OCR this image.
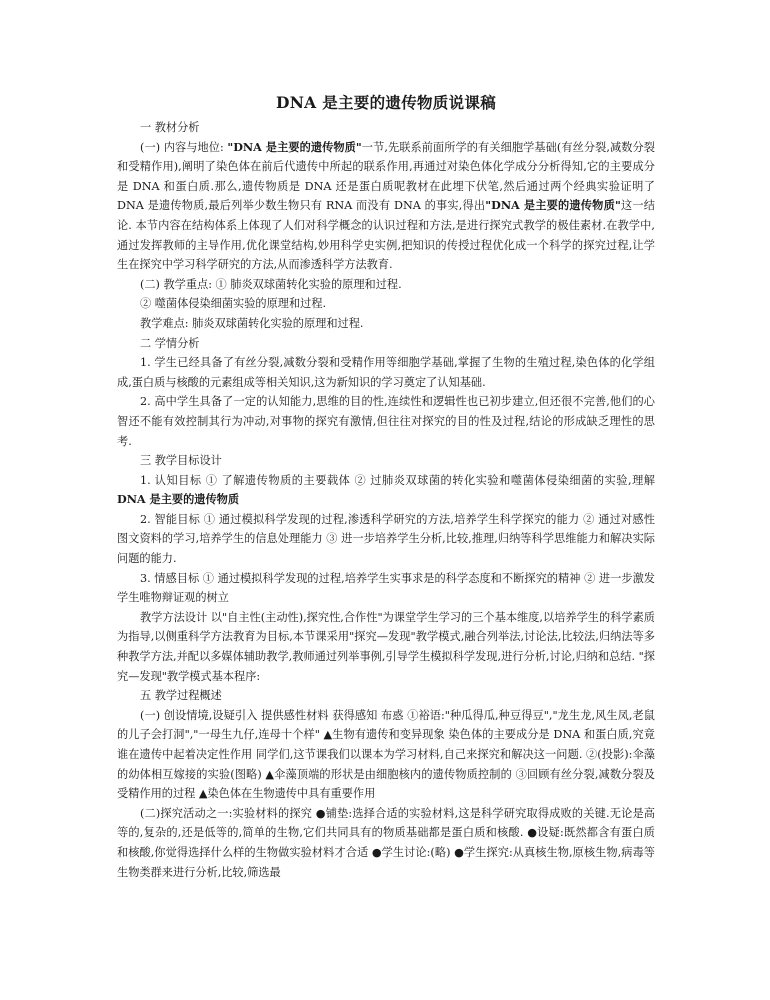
DNA 是主要的遗传物质说课稿

一 教材分析

(一) 内容与地位: "DNA 是主要的遗传物质"一节,先联系前面所学的有关细胞学基础(有丝分裂,减数分裂和受精作用),阐明了染色体在前后代遗传中所起的联系作用,再通过对染色体化学成分分析得知,它的主要成分是 DNA 和蛋白质.那么,遗传物质是 DNA 还是蛋白质呢教材在此埋下伏笔,然后通过两个经典实验证明了 DNA 是遗传物质,最后列举少数生物只有 RNA 而没有 DNA 的事实,得出"DNA 是主要的遗传物质"这一结论. 本节内容在结构体系上体现了人们对科学概念的认识过程和方法,是进行探究式教学的极佳素材.在教学中,通过发挥教师的主导作用,优化课堂结构,妙用科学史实例,把知识的传授过程优化成一个科学的探究过程,让学生在探究中学习科学研究的方法,从而渗透科学方法教育.

(二) 教学重点: ① 肺炎双球菌转化实验的原理和过程.

② 噬菌体侵染细菌实验的原理和过程.

教学难点: 肺炎双球菌转化实验的原理和过程.

二 学情分析

1. 学生已经具备了有丝分裂,减数分裂和受精作用等细胞学基础,掌握了生物的生殖过程,染色体的化学组成,蛋白质与核酸的元素组成等相关知识,这为新知识的学习奠定了认知基础.

2. 高中学生具备了一定的认知能力,思维的目的性,连续性和逻辑性也已初步建立,但还很不完善,他们的心智还不能有效控制其行为冲动,对事物的探究有激情,但往往对探究的目的性及过程,结论的形成缺乏理性的思考.

三 教学目标设计

1. 认知目标 ① 了解遗传物质的主要载体 ② 过肺炎双球菌的转化实验和噬菌体侵染细菌的实验,理解 DNA 是主要的遗传物质

2. 智能目标 ① 通过模拟科学发现的过程,渗透科学研究的方法,培养学生科学探究的能力 ② 通过对感性图文资料的学习,培养学生的信息处理能力 ③ 进一步培养学生分析,比较,推理,归纳等科学思维能力和解决实际问题的能力.

3. 情感目标 ① 通过模拟科学发现的过程,培养学生实事求是的科学态度和不断探究的精神 ② 进一步激发学生唯物辩证观的树立

教学方法设计 以"自主性(主动性),探究性,合作性"为课堂学生学习的三个基本维度,以培养学生的科学素质为指导,以侧重科学方法教育为目标,本节课采用"探究—发现"教学模式,融合列举法,讨论法,比较法,归纳法等多种教学方法,并配以多媒体辅助教学,教师通过列举事例,引导学生模拟科学发现,进行分析,讨论,归纳和总结. "探究—发现"教学模式基本程序:

五 教学过程概述

(一) 创设情境,设疑引入 提供感性材料 获得感知 布惑 ①裕语:"种瓜得瓜,种豆得豆","龙生龙,风生凤,老鼠的儿子会打洞","一母生九仔,连母十个样" ▲生物有遗传和变异现象 染色体的主要成分是 DNA 和蛋白质,究竟谁在遗传中起着决定性作用 同学们,这节课我们以课本为学习材料,自己来探究和解决这一问题. ②(投影):伞藻的幼体相互嫁接的实验(图略) ▲伞藻顶端的形状是由细胞核内的遗传物质控制的 ③回顾有丝分裂,减数分裂及受精作用的过程 ▲染色体在生物遗传中具有重要作用

(二)探究活动之一:实验材料的探究 ●铺垫:选择合适的实验材料,这是科学研究取得成败的关键.无论是高等的,复杂的,还是低等的,简单的生物,它们共同具有的物质基础都是蛋白质和核酸. ●设疑:既然都含有蛋白质和核酸,你觉得选择什么样的生物做实验材料才合适 ●学生讨论:(略) ●学生探究:从真核生物,原核生物,病毒等生物类群来进行分析,比较,筛选最
